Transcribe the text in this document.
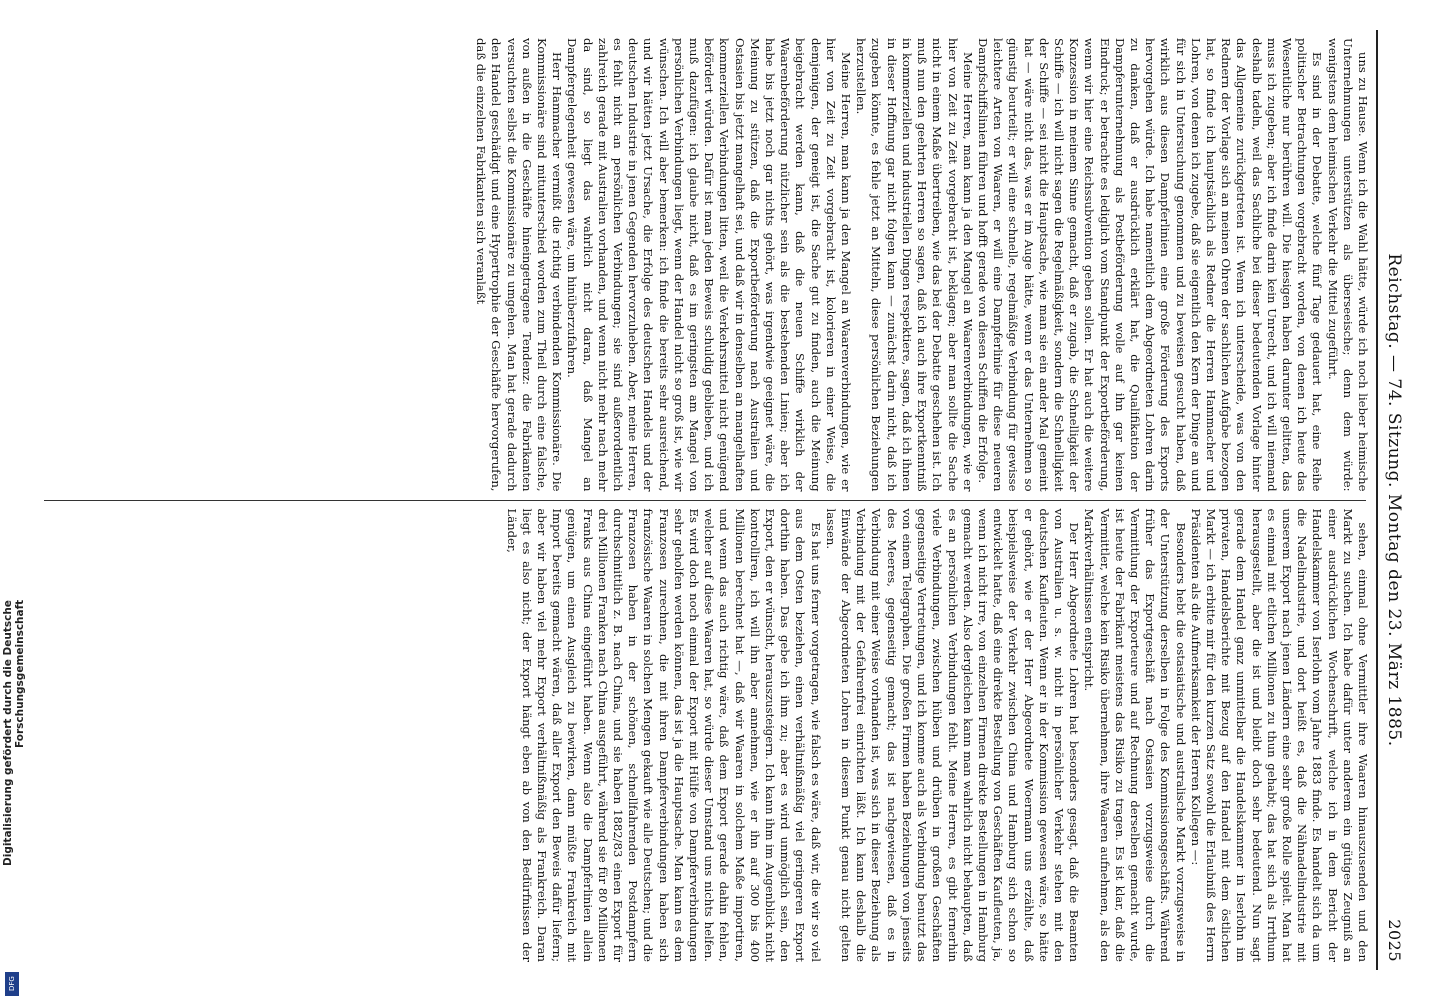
Reichstag. — 74. Sitzung. Montag den 23. März 1885.
2025

uns zu Hause. Wenn ich die Wahl hätte, würde ich noch lieber heimische Unternehmungen unterstützen als überseeische; denn dem würde: wenigstens dem heimischen Verkehr die Mittel zugeführt.

Es sind in der Debatte, welche fünf Tage gedauert hat, eine Reihe politischer Betrachtungen vorgebracht worden, von denen ich heute das Wesentliche nur berühren will. Die hiesigen haben darunter gelitten, das muss ich zugeben; aber ich finde darin kein Unrecht, und ich will niemand deshalb tadeln, weil das Sachliche bei dieser bedeutenden Vorlage hinter das Allgemeine zurückgetreten ist. Wenn ich unterscheide, was von den Rednern der Vorlage sich an meinen Ohren der sachlichen Aufgabe bezogen hat, so finde ich hauptsächlich als Redner die Herren Hammacher und Lohren, von denen ich zugebe, daß sie eigentlich den Kern der Dinge an und für sich in Untersuchung genommen und zu beweisen gesucht haben, daß wirklich aus diesen Dampferlinien eine große Förderung des Exports hervorgehen würde. Ich habe namentlich dem Abgeordneten Lohren darin zu danken, daß er ausdrücklich erklärt hat, die Qualifikation der Dampferunternehmung als Postbeförderung wolle auf ihn gar keinen Eindruck; er betrachte es lediglich vom Standpunkt der Exportbeförderung, wenn wir hier eine Reichssubvention geben sollen. Er hat auch die weitere Konzession in meinem Sinne gemacht, daß er zugab, die Schnelligkeit der Schiffe — ich will nicht sagen die Regelmäßigkeit, sondern die Schnelligkeit der Schiffe — sei nicht die Hauptsache, wie man sie ein ander Mal gemeint hat — wäre nicht das, was er im Auge hätte, wenn er das Unternehmen so günstig beurteilt; er will eine schnelle, regelmäßige Verbindung für gewisse leichtere Arten von Waaren, er will eine Dampferlinie für diese neueren Dampfschiffslinien führen und hofft gerade von diesen Schiffen die Erfolge.

Meine Herren, man kann ja den Mangel an Waarenverbindungen, wie er hier von Zeit zu Zeit vorgebracht ist, beklagen; aber man sollte die Sache nicht in einem Maße übertreiben, wie das bei der Debatte geschehen ist. Ich muß nun den geehrten Herren so sagen, daß ich auch ihre Exportkenntniß in kommerziellen und industriellen Dingen respektiere, sagen, daß ich ihnen in dieser Hoffnung gar nicht folgen kann — zunächst darin nicht, daß ich zugeben könnte, es fehle jetzt an Mitteln, diese persönlichen Beziehungen herzustellen.

Meine Herren, man kann ja den Mangel an Waarenverbindungen, wie er hier von Zeit zu Zeit vorgebracht ist, kolorieren in einer Weise, die demjenigen, der geneigt ist, die Sache gut zu finden, auch die Meinung beigebracht werden kann, daß die neuen Schiffe wirklich der Waarenbeförderung nützlicher sein als die bestehenden Linien; aber ich habe bis jetzt noch gar nichts gehört, was irgendwie geeignet wäre, die Meinung zu stützen, daß die Exportbeförderung nach Australien und Ostasien bis jetzt mangelhaft sei, und daß wir in denselben an mangelhaften kommerziellen Verbindungen litten, weil die Verkehrsmittel nicht genügend befördert würden. Dafür ist man jeden Beweis schuldig geblieben, und ich muß dazufügen: ich glaube nicht, daß es im geringsten am Mangel von persönlichen Verbindungen liegt, wenn der Handel nicht so groß ist, wie wir wünschen. Ich will aber bemerken: ich finde die bereits sehr ausreichend, und wir hätten jetzt Ursache, die Erfolge des deutschen Handels und der deutschen Industrie in jenen Gegenden hervorzuheben. Aber, meine Herren, es fehlt nicht an persönlichen Verbindungen; sie sind außerordentlich zahlreich gerade mit Australien vorhanden, und wenn nicht mehr nach mehr da sind, so liegt das wahrlich nicht daran, daß Mangel an Dampfergelegenheit gewesen wäre, um hinüberzufahren.

Herr Hammacher vermißt die richtig verbindenden Kommissionäre. Die Kommissionäre sind mitunterschied worden zum Theil durch eine falsche, von außen in die Geschäfte hineingetragene Tendenz: die Fabrikanten versuchten selbst die Kommissionäre zu umgehen. Man hat gerade dadurch den Handel geschädigt und eine Hypertrophie der Geschäfte hervorgerufen, daß die einzelnen Fabrikanten sich veranlaßt

sehen, einmal ohne Vermittler ihre Waaren hinauszusenden und den Markt zu suchen. Ich habe dafür unter anderem ein gütiges Zeugniß an einer ausdrücklichen Wochenschrift, welche ich in dem Bericht der Handelskammer von Iserlohn vom Jahre 1883 finde. Es handelt sich da um die Nadelindustrie, und dort heißt es, daß die Nähnadelindustrie mit unserem Export nach jenen Ländern eine sehr große Rolle spielt. Man hat es einmal mit etlichen Millionen zu thun gehabt; das hat sich als Irrthum herausgestellt, aber die ist und bleibt doch sehr bedeutend. Nun sagt gerade dem Handel ganz unmittelbar die Handelskammer in Iserlohn im privaten, Handelsberichte mit Bezug auf den Handel mit dem östlichen Markt — ich erbitte mir für den kurzen Satz sowohl die Erlaubniß des Herrn Präsidenten als die Aufmerksamkeit der Herren Kollegen —:

Besonders hebt die ostasiatische und australische Markt vorzugsweise in der Unterstützung derselben in Folge des Kommissionsgeschäfts. Während früher das Exportgeschäft nach Ostasien vorzugsweise durch die Vermittlung der Exporteure und auf Rechnung derselben gemacht wurde, ist heute der Fabrikant meistens das Risiko zu tragen. Es ist klar, daß die Vermittler, welche kein Risiko übernehmen, ihre Waaren aufnehmen, als den Marktverhältnissen entspricht.

Der Herr Abgeordnete Lohren hat besonders gesagt, daß die Beamten von Australien u. s. w. nicht in persönlicher Verkehr stehen mit den deutschen Kaufleuten. Wenn er in der Kommission gewesen wäre, so hätte er gehört, wie er der Herr Abgeordnete Woermann uns erzählte, daß beispielsweise der Verkehr zwischen China und Hamburg sich schon so entwickelt hatte, daß eine direkte Bestellung von Geschäften Kaufleuten, ja, wenn ich nicht irre, von einzelnen Firmen direkte Bestellungen in Hamburg gemacht werden. Also dergleichen kann man wahrlich nicht behaupten, daß es an persönlichen Verbindungen fehlt. Meine Herren, es gibt fernerhin viele Verbindungen, zwischen hüben und drüben in großen Geschäften gegenseitige Vertretungen, und ich komme auch als Verbindung benutzt das von einem Telegraphen. Die großen Firmen haben Beziehungen von jenseits des Meeres, gegenseitig gemacht; das ist nachgewiesen, daß es in Verbindung mit einer Weise vorhanden ist, was sich in dieser Beziehung als Verbindung mit der Gefahrenfrei einrichten läßt. Ich kann deshalb die Einwände der Abgeordneten Lohren in diesem Punkt genau nicht gelten lassen.

Es hat uns ferner vorgetragen, wie falsch es wäre, daß wir, die wir so viel aus dem Osten beziehen, einen verhältnißmäßig viel geringeren Export dorthin haben. Das gebe ich ihm zu; aber es wird unmöglich sein, den Export, den er wünscht, herauszusteigern. Ich kann ihm im Augenblick nicht kontrolliren, ich will ihn aber annehmen, wie er ihn auf 300 bis 400 Millionen berechnet hat —, daß wir Waaren in solchem Maße importiren, und wenn das auch richtig wäre, daß dem Export gerade dahin fehlen, welcher auf diese Waaren hat, so würde dieser Umstand uns nichts helfen. Es wird doch noch einmal der Export mit Hülfe von Dampferverbindungen sehr geholfen werden können, das ist ja die Hauptsache. Man kann es dem Franzosen zurechnen, die mit ihren Dampferverbindungen haben sich französische Waaren in solchen Mengen gekauft wie alle Deutschen; und die Franzosen haben in der schönen, schnellfahrenden Postdampfern durchschnittlich z. B. nach China, und sie haben 1882/83 einen Export für drei Millionen Franken nach China ausgeführt, während sie für 80 Millionen Franks aus China eingeführt haben. Wenn also die Dampferlinien allein genügen, um einen Ausgleich zu bewirken, dann müßte Frankreich mit Import bereits gemacht wären, daß aller Export den Beweis dafür liefern; aber wir haben viel mehr Export verhältnißmäßig als Frankreich. Daran liegt es also nicht; der Export hängt eben ab von den Bedürfnissen der Länder,

Digitalisierung gefördert durch die Deutsche Forschungsgemeinschaft
DFG
